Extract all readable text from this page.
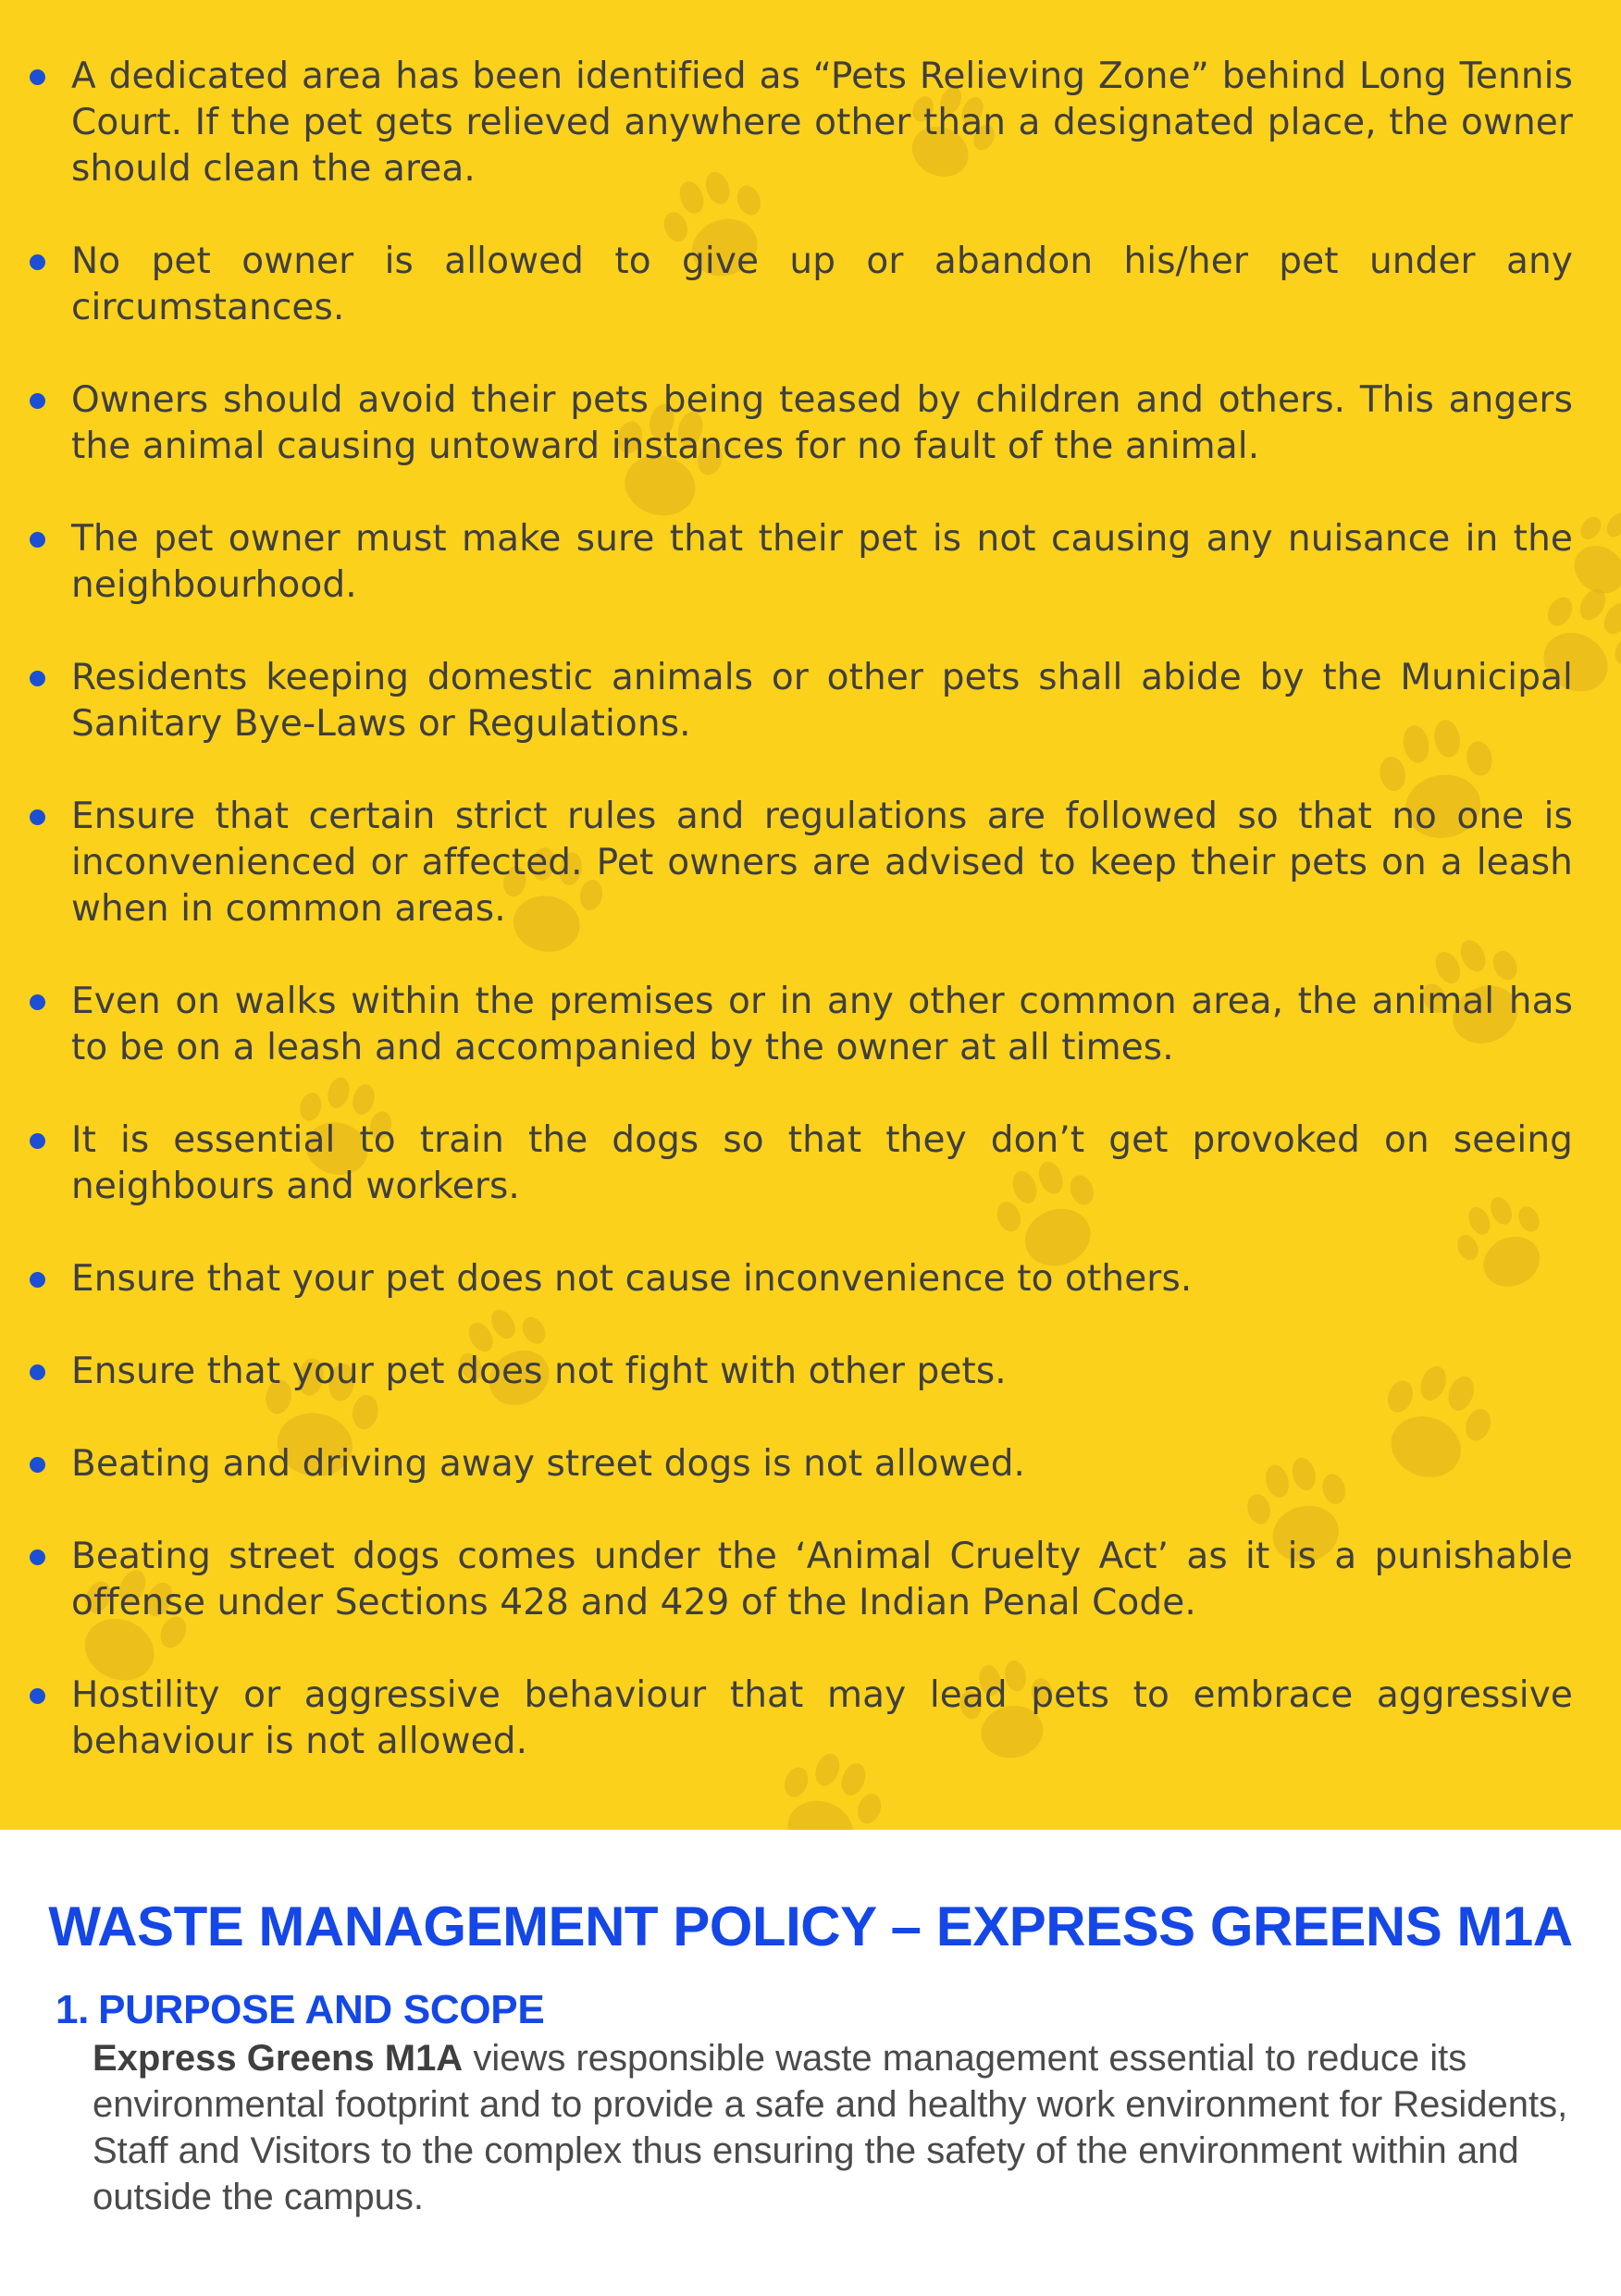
A dedicated area has been identified as “Pets Relieving Zone” behind Long Tennis Court. If the pet gets relieved anywhere other than a designated place, the owner should clean the area.
No pet owner is allowed to give up or abandon his/her pet under any circumstances.
Owners should avoid their pets being teased by children and others. This angers the animal causing untoward instances for no fault of the animal.
The pet owner must make sure that their pet is not causing any nuisance in the neighbourhood.
Residents keeping domestic animals or other pets shall abide by the Municipal Sanitary Bye-Laws or Regulations.
Ensure that certain strict rules and regulations are followed so that no one is inconvenienced or affected. Pet owners are advised to keep their pets on a leash when in common areas.
Even on walks within the premises or in any other common area, the animal has to be on a leash and accompanied by the owner at all times.
It is essential to train the dogs so that they don’t get provoked on seeing neighbours and workers.
Ensure that your pet does not cause inconvenience to others.
Ensure that your pet does not fight with other pets.
Beating and driving away street dogs is not allowed.
Beating street dogs comes under the ‘Animal Cruelty Act’ as it is a punishable offense under Sections 428 and 429 of the Indian Penal Code.
Hostility or aggressive behaviour that may lead pets to embrace aggressive behaviour is not allowed.
WASTE MANAGEMENT POLICY – EXPRESS GREENS M1A
1. PURPOSE AND SCOPE

Express Greens M1A views responsible waste management essential to reduce its environmental footprint and to provide a safe and healthy work environment for Residents, Staff and Visitors to the complex thus ensuring the safety of the environment within and outside the campus.
